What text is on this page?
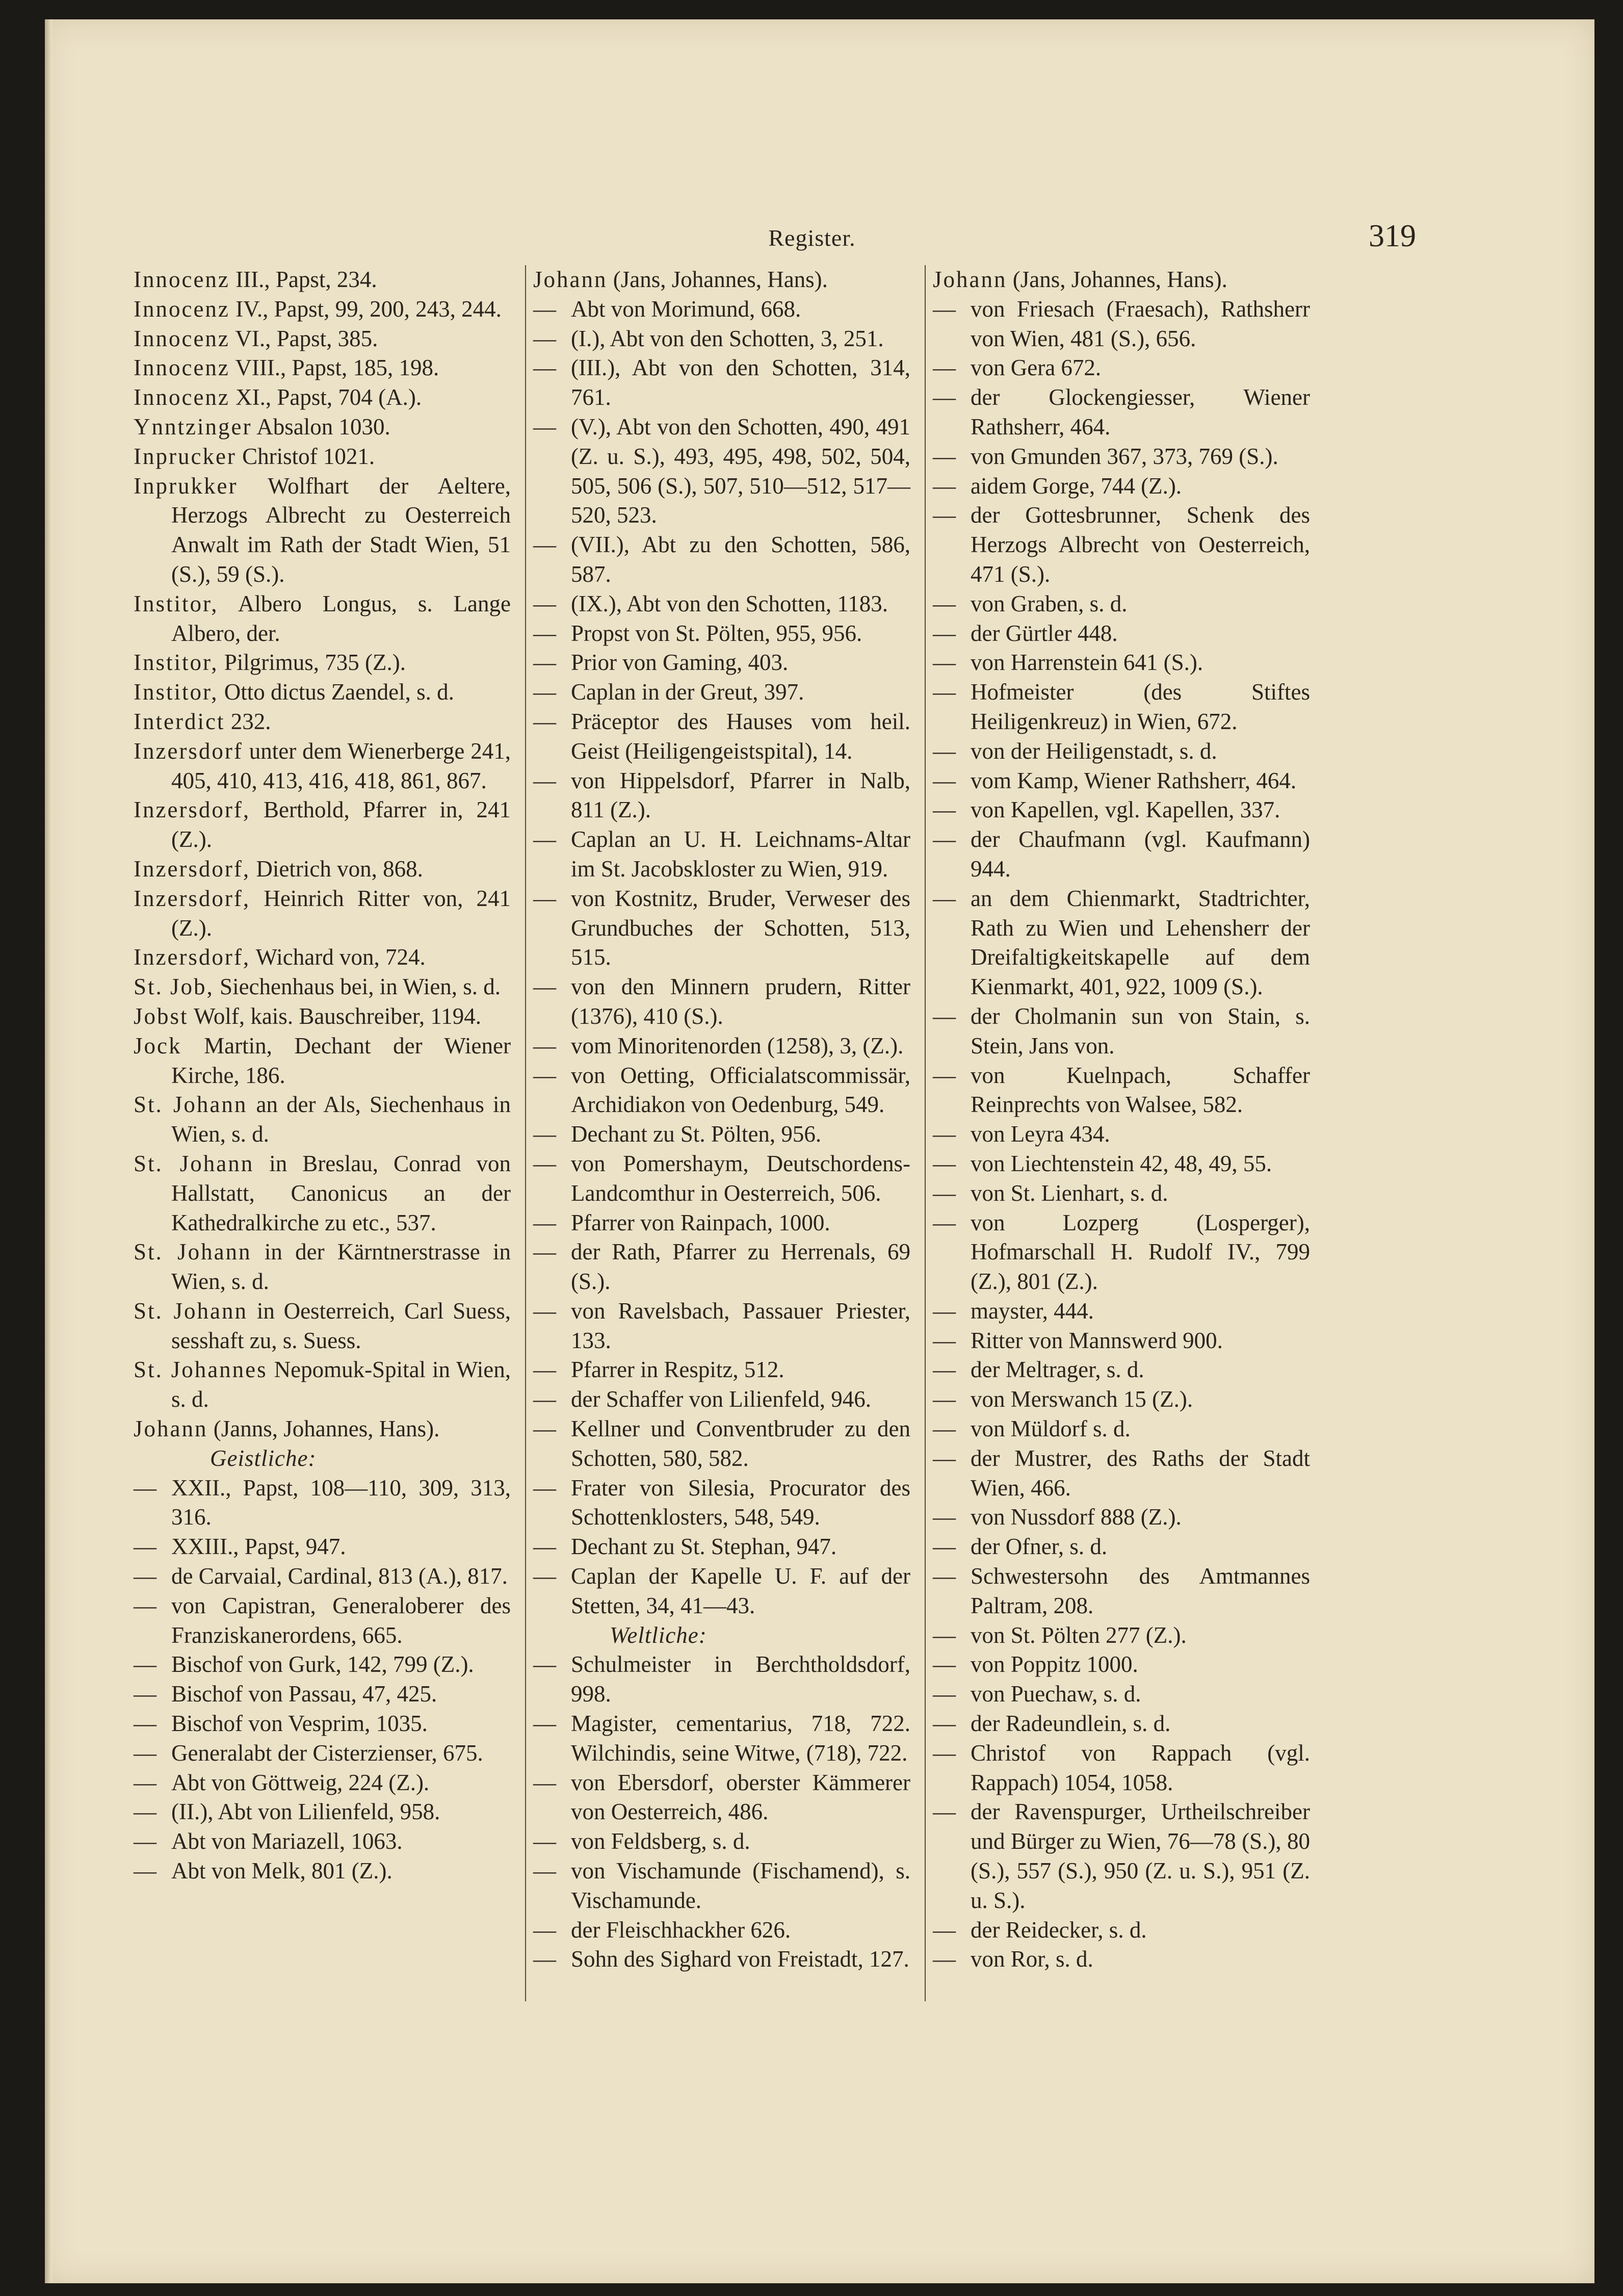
Register.	319
Innocenz III., Papst, 234.
Innocenz IV., Papst, 99, 200, 243, 244.
Innocenz VI., Papst, 385.
Innocenz VIII., Papst, 185, 198.
Innocenz XI., Papst, 704 (A.).
Ynntzinger Absalon 1030.
Inprucker Christof 1021.
Inprukker Wolfhart der Aeltere, Herzogs Albrecht zu Oesterreich Anwalt im Rath der Stadt Wien, 51 (S.), 59 (S.).
Institor, Albero Longus, s. Lange Albero, der.
Institor, Pilgrimus, 735 (Z.).
Institor, Otto dictus Zaendel, s. d.
Interdict 232.
Inzersdorf unter dem Wienerberge 241, 405, 410, 413, 416, 418, 861, 867.
Inzersdorf, Berthold, Pfarrer in, 241 (Z.).
Inzersdorf, Dietrich von, 868.
Inzersdorf, Heinrich Ritter von, 241 (Z.).
Inzersdorf, Wichard von, 724.
St. Job, Siechenhaus bei, in Wien, s. d.
Jobst Wolf, kais. Bauschreiber, 1194.
Jock Martin, Dechant der Wiener Kirche, 186.
St. Johann an der Als, Siechenhaus in Wien, s. d.
St. Johann in Breslau, Conrad von Hallstatt, Canonicus an der Kathedralkirche zu etc., 537.
St. Johann in der Kärntnerstrasse in Wien, s. d.
St. Johann in Oesterreich, Carl Suess, sesshaft zu, s. Suess.
St. Johannes Nepomuk-Spital in Wien, s. d.
Johann (Janns, Johannes, Hans).
Geistliche:
— XXII., Papst, 108—110, 309, 313, 316.
— XXIII., Papst, 947.
— de Carvaial, Cardinal, 813 (A.), 817.
— von Capistran, Generaloberer des Franziskanerordens, 665.
— Bischof von Gurk, 142, 799 (Z.).
— Bischof von Passau, 47, 425.
— Bischof von Vesprim, 1035.
— Generalabt der Cisterzienser, 675.
— Abt von Göttweig, 224 (Z.).
— (II.), Abt von Lilienfeld, 958.
— Abt von Mariazell, 1063.
— Abt von Melk, 801 (Z.).
Johann (Jans, Johannes, Hans).
— Abt von Morimund, 668.
— (I.), Abt von den Schotten, 3, 251.
— (III.), Abt von den Schotten, 314, 761.
— (V.), Abt von den Schotten, 490, 491 (Z. u. S.), 493, 495, 498, 502, 504, 505, 506 (S.), 507, 510—512, 517—520, 523.
— (VII.), Abt zu den Schotten, 586, 587.
— (IX.), Abt von den Schotten, 1183.
— Propst von St. Pölten, 955, 956.
— Prior von Gaming, 403.
— Caplan in der Greut, 397.
— Präceptor des Hauses vom heil. Geist (Heiligengeistspital), 14.
— von Hippelsdorf, Pfarrer in Nalb, 811 (Z.).
— Caplan an U. H. Leichnams-Altar im St. Jacobskloster zu Wien, 919.
— von Kostnitz, Bruder, Verweser des Grundbuches der Schotten, 513, 515.
— von den Minnern prudern, Ritter (1376), 410 (S.).
— vom Minoritenorden (1258), 3, (Z.).
— von Oetting, Officialatscommissär, Archidiakon von Oedenburg, 549.
— Dechant zu St. Pölten, 956.
— von Pomershaym, Deutschordens-Landcomthur in Oesterreich, 506.
— Pfarrer von Rainpach, 1000.
— der Rath, Pfarrer zu Herrenals, 69 (S.).
— von Ravelsbach, Passauer Priester, 133.
— Pfarrer in Respitz, 512.
— der Schaffer von Lilienfeld, 946.
— Kellner und Conventbruder zu den Schotten, 580, 582.
— Frater von Silesia, Procurator des Schottenklosters, 548, 549.
— Dechant zu St. Stephan, 947.
— Caplan der Kapelle U. F. auf der Stetten, 34, 41—43.
Weltliche:
— Schulmeister in Berchtholdsdorf, 998.
— Magister, cementarius, 718, 722. Wilchindis, seine Witwe, (718), 722.
— von Ebersdorf, oberster Kämmerer von Oesterreich, 486.
— von Feldsberg, s. d.
— von Vischamunde (Fischamend), s. Vischamunde.
— der Fleischhackher 626.
— Sohn des Sighard von Freistadt, 127.
Johann (Jans, Johannes, Hans).
— von Friesach (Fraesach), Rathsherr von Wien, 481 (S.), 656.
— von Gera 672.
— der Glockengiesser, Wiener Rathsherr, 464.
— von Gmunden 367, 373, 769 (S.).
— aidem Gorge, 744 (Z.).
— der Gottesbrunner, Schenk des Herzogs Albrecht von Oesterreich, 471 (S.).
— von Graben, s. d.
— der Gürtler 448.
— von Harrenstein 641 (S.).
— Hofmeister (des Stiftes Heiligenkreuz) in Wien, 672.
— von der Heiligenstadt, s. d.
— vom Kamp, Wiener Rathsherr, 464.
— von Kapellen, vgl. Kapellen, 337.
— der Chaufmann (vgl. Kaufmann) 944.
— an dem Chienmarkt, Stadtrichter, Rath zu Wien und Lehensherr der Dreifaltigkeitskapelle auf dem Kienmarkt, 401, 922, 1009 (S.).
— der Cholmanin sun von Stain, s. Stein, Jans von.
— von Kuelnpach, Schaffer Reinprechts von Walsee, 582.
— von Leyra 434.
— von Liechtenstein 42, 48, 49, 55.
— von St. Lienhart, s. d.
— von Lozperg (Losperger), Hofmarschall H. Rudolf IV., 799 (Z.), 801 (Z.).
— mayster, 444.
— Ritter von Mannswerd 900.
— der Meltrager, s. d.
— von Merswanch 15 (Z.).
— von Müldorf s. d.
— der Mustrer, des Raths der Stadt Wien, 466.
— von Nussdorf 888 (Z.).
— der Ofner, s. d.
— Schwestersohn des Amtmannes Paltram, 208.
— von St. Pölten 277 (Z.).
— von Poppitz 1000.
— von Puechaw, s. d.
— der Radeundlein, s. d.
— Christof von Rappach (vgl. Rappach) 1054, 1058.
— der Ravenspurger, Urtheilschreiber und Bürger zu Wien, 76—78 (S.), 80 (S.), 557 (S.), 950 (Z. u. S.), 951 (Z. u. S.).
— der Reidecker, s. d.
— von Ror, s. d.
